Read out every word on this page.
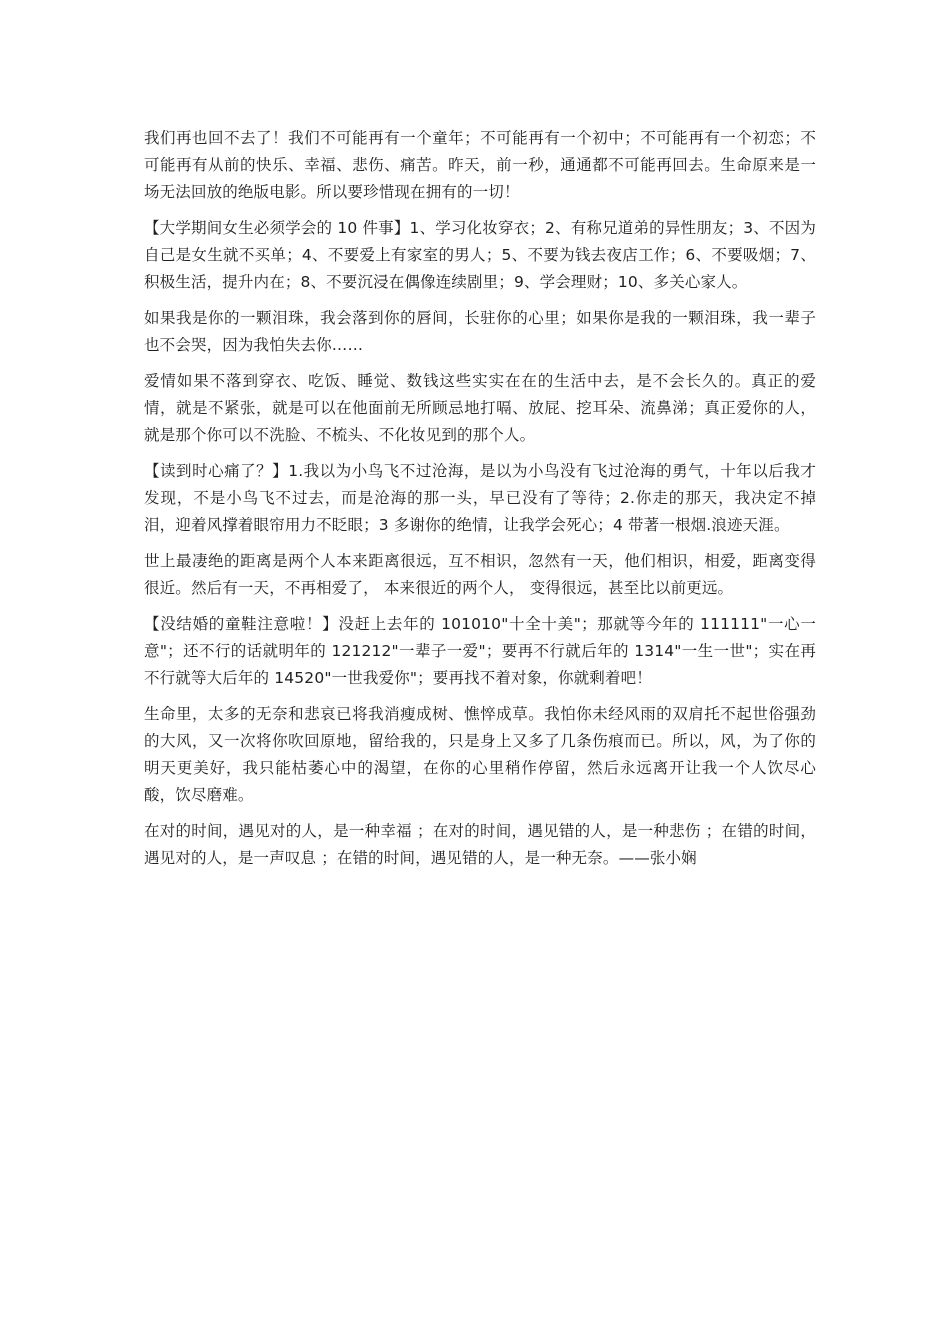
我们再也回不去了！我们不可能再有一个童年；不可能再有一个初中；不可能再有一个初恋；不可能再有从前的快乐、幸福、悲伤、痛苦。昨天，前一秒，通通都不可能再回去。生命原来是一场无法回放的绝版电影。所以要珍惜现在拥有的一切！

【大学期间女生必须学会的 10 件事】1、学习化妆穿衣；2、有称兄道弟的异性朋友；3、不因为自己是女生就不买单；4、不要爱上有家室的男人；5、不要为钱去夜店工作；6、不要吸烟；7、积极生活，提升内在；8、不要沉浸在偶像连续剧里；9、学会理财；10、多关心家人。

如果我是你的一颗泪珠，我会落到你的唇间，长驻你的心里；如果你是我的一颗泪珠，我一辈子也不会哭，因为我怕失去你……

爱情如果不落到穿衣、吃饭、睡觉、数钱这些实实在在的生活中去，是不会长久的。真正的爱情，就是不紧张，就是可以在他面前无所顾忌地打嗝、放屁、挖耳朵、流鼻涕；真正爱你的人，就是那个你可以不洗脸、不梳头、不化妆见到的那个人。

【读到时心痛了？】1.我以为小鸟飞不过沧海，是以为小鸟没有飞过沧海的勇气，十年以后我才发现，不是小鸟飞不过去，而是沧海的那一头，早已没有了等待；2.你走的那天，我决定不掉泪，迎着风撑着眼帘用力不眨眼；3 多谢你的绝情，让我学会死心；4 带著一根烟.浪迹天涯。

世上最凄绝的距离是两个人本来距离很远，互不相识，忽然有一天，他们相识，相爱，距离变得很近。然后有一天，不再相爱了， 本来很近的两个人， 变得很远，甚至比以前更远。

【没结婚的童鞋注意啦！】没赶上去年的 101010"十全十美"；那就等今年的 111111"一心一意"；还不行的话就明年的 121212"一辈子一爱"；要再不行就后年的 1314"一生一世"；实在再不行就等大后年的 14520"一世我爱你"；要再找不着对象，你就剩着吧！

生命里，太多的无奈和悲哀已将我消瘦成树、憔悴成草。我怕你未经风雨的双肩托不起世俗强劲的大风，又一次将你吹回原地，留给我的，只是身上又多了几条伤痕而已。所以，风，为了你的明天更美好，我只能枯萎心中的渴望，在你的心里稍作停留，然后永远离开让我一个人饮尽心酸，饮尽磨难。

在对的时间，遇见对的人，是一种幸福 ；在对的时间，遇见错的人，是一种悲伤 ；在错的时间，遇见对的人，是一声叹息 ；在错的时间，遇见错的人，是一种无奈。——张小娴
